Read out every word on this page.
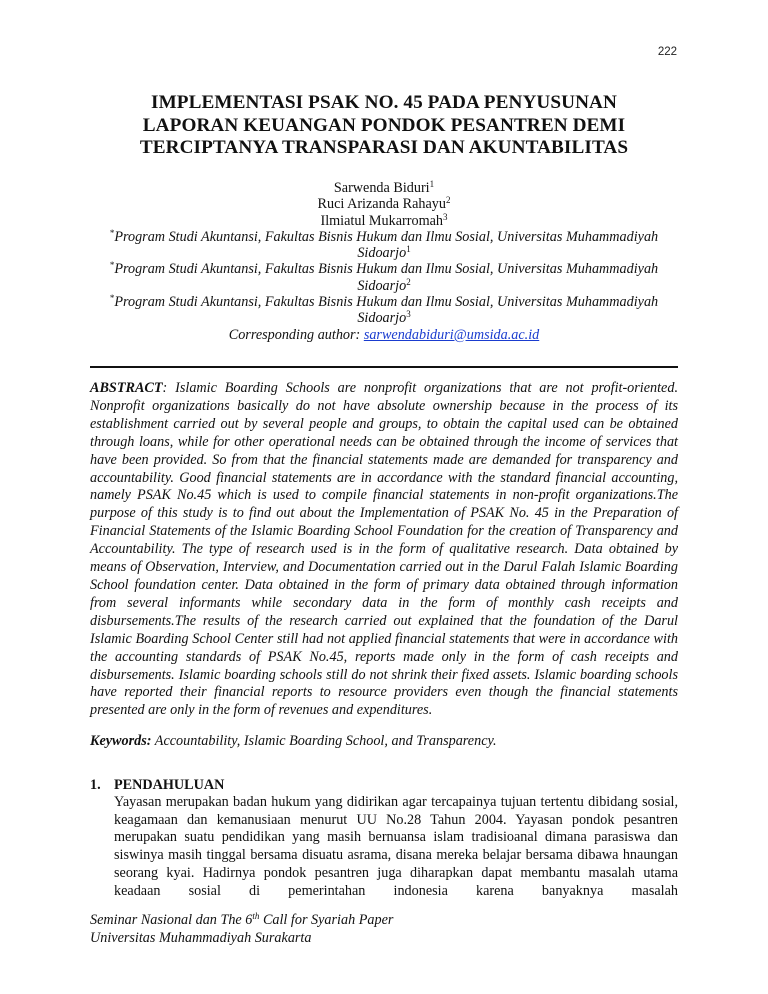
222
IMPLEMENTASI PSAK NO. 45 PADA PENYUSUNAN
LAPORAN KEUANGAN PONDOK PESANTREN DEMI
TERCIPTANYA TRANSPARASI DAN AKUNTABILITAS
Sarwenda Biduri$^1$
Ruci Arizanda Rahayu$^2$
Ilmiatul Mukarromah$^3$
*Program Studi Akuntansi, Fakultas Bisnis Hukum dan Ilmu Sosial, Universitas Muhammadiyah
Sidoarjo$^1$
*Program Studi Akuntansi, Fakultas Bisnis Hukum dan Ilmu Sosial, Universitas Muhammadiyah
Sidoarjo$^2$
*Program Studi Akuntansi, Fakultas Bisnis Hukum dan Ilmu Sosial, Universitas Muhammadiyah
Sidoarjo$^3$
Corresponding author: sarwendabiduri@umsida.ac.id
ABSTRACT: Islamic Boarding Schools are nonprofit organizations that are not profit-oriented. Nonprofit organizations basically do not have absolute ownership because in the process of its establishment carried out by several people and groups, to obtain the capital used can be obtained through loans, while for other operational needs can be obtained through the income of services that have been provided. So from that the financial statements made are demanded for transparency and accountability. Good financial statements are in accordance with the standard financial accounting, namely PSAK No.45 which is used to compile financial statements in non-profit organizations.The purpose of this study is to find out about the Implementation of PSAK No. 45 in the Preparation of Financial Statements of the Islamic Boarding School Foundation for the creation of Transparency and Accountability. The type of research used is in the form of qualitative research. Data obtained by means of Observation, Interview, and Documentation carried out in the Darul Falah Islamic Boarding School foundation center. Data obtained in the form of primary data obtained through information from several informants while secondary data in the form of monthly cash receipts and disbursements.The results of the research carried out explained that the foundation of the Darul Islamic Boarding School Center still had not applied financial statements that were in accordance with the accounting standards of PSAK No.45, reports made only in the form of cash receipts and disbursements. Islamic boarding schools still do not shrink their fixed assets. Islamic boarding schools have reported their financial reports to resource providers even though the financial statements presented are only in the form of revenues and expenditures.
Keywords: Accountability, Islamic Boarding School, and Transparency.
1. PENDAHULUAN
Yayasan merupakan badan hukum yang didirikan agar tercapainya tujuan tertentu dibidang sosial, keagamaan dan kemanusiaan menurut UU No.28 Tahun 2004. Yayasan pondok pesantren merupakan suatu pendidikan yang masih bernuansa islam tradisioanal dimana parasiswa dan siswinya masih tinggal bersama disuatu asrama, disana mereka belajar bersama dibawa hnaungan seorang kyai. Hadirnya pondok pesantren juga diharapkan dapat membantu masalah utama keadaan sosial di pemerintahan indonesia karena banyaknya masalah
Seminar Nasional dan The 6th Call for Syariah Paper
Universitas Muhammadiyah Surakarta
